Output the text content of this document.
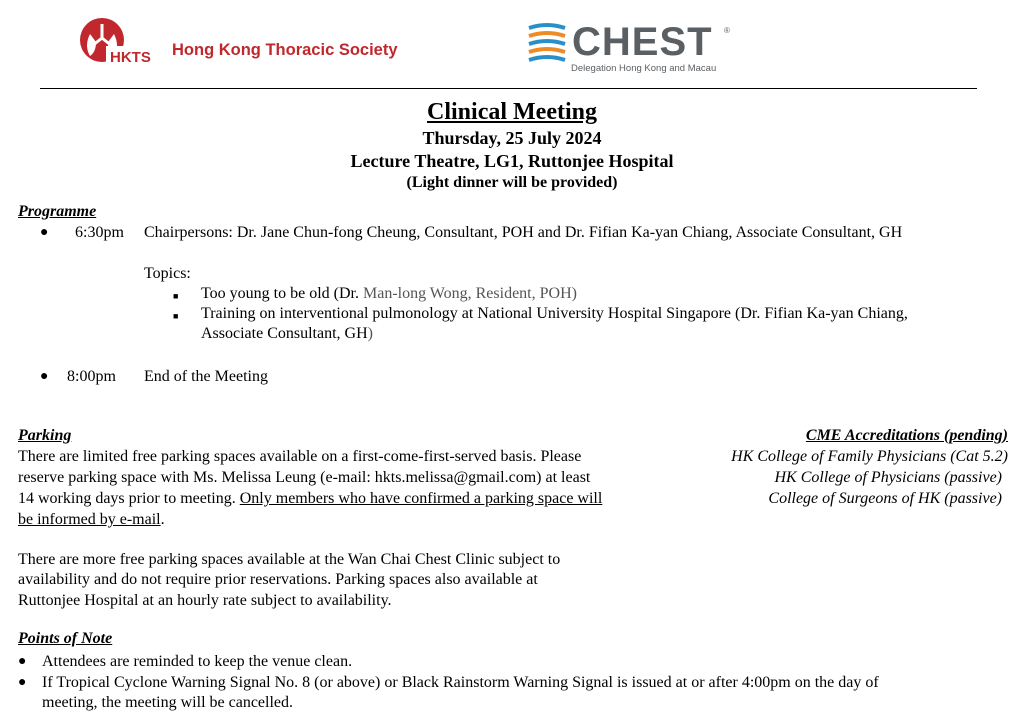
HKTS Hong Kong Thoracic Society	CHEST ®
Delegation Hong Kong and Macau
Clinical Meeting
Thursday, 25 July 2024
Lecture Theatre, LG1, Ruttonjee Hospital
(Light dinner will be provided)
Programme
● 6:30pm Chairpersons: Dr. Jane Chun-fong Cheung, Consultant, POH and Dr. Fifian Ka-yan Chiang, Associate Consultant, GH
Topics:
■ Too young to be old (Dr. Man-long Wong, Resident, POH)
■ Training on interventional pulmonology at National University Hospital Singapore (Dr. Fifian Ka-yan Chiang,
Associate Consultant, GH)
● 8:00pm End of the Meeting
Parking
There are limited free parking spaces available on a first-come-first-served basis. Please
reserve parking space with Ms. Melissa Leung (e-mail: hkts.melissa@gmail.com) at least
14 working days prior to meeting. Only members who have confirmed a parking space will
be informed by e-mail.
There are more free parking spaces available at the Wan Chai Chest Clinic subject to
availability and do not require prior reservations. Parking spaces also available at
Ruttonjee Hospital at an hourly rate subject to availability.
CME Accreditations (pending)
HK College of Family Physicians (Cat 5.2)
HK College of Physicians (passive)
College of Surgeons of HK (passive)
Points of Note
● Attendees are reminded to keep the venue clean.
● If Tropical Cyclone Warning Signal No. 8 (or above) or Black Rainstorm Warning Signal is issued at or after 4:00pm on the day of
meeting, the meeting will be cancelled.
